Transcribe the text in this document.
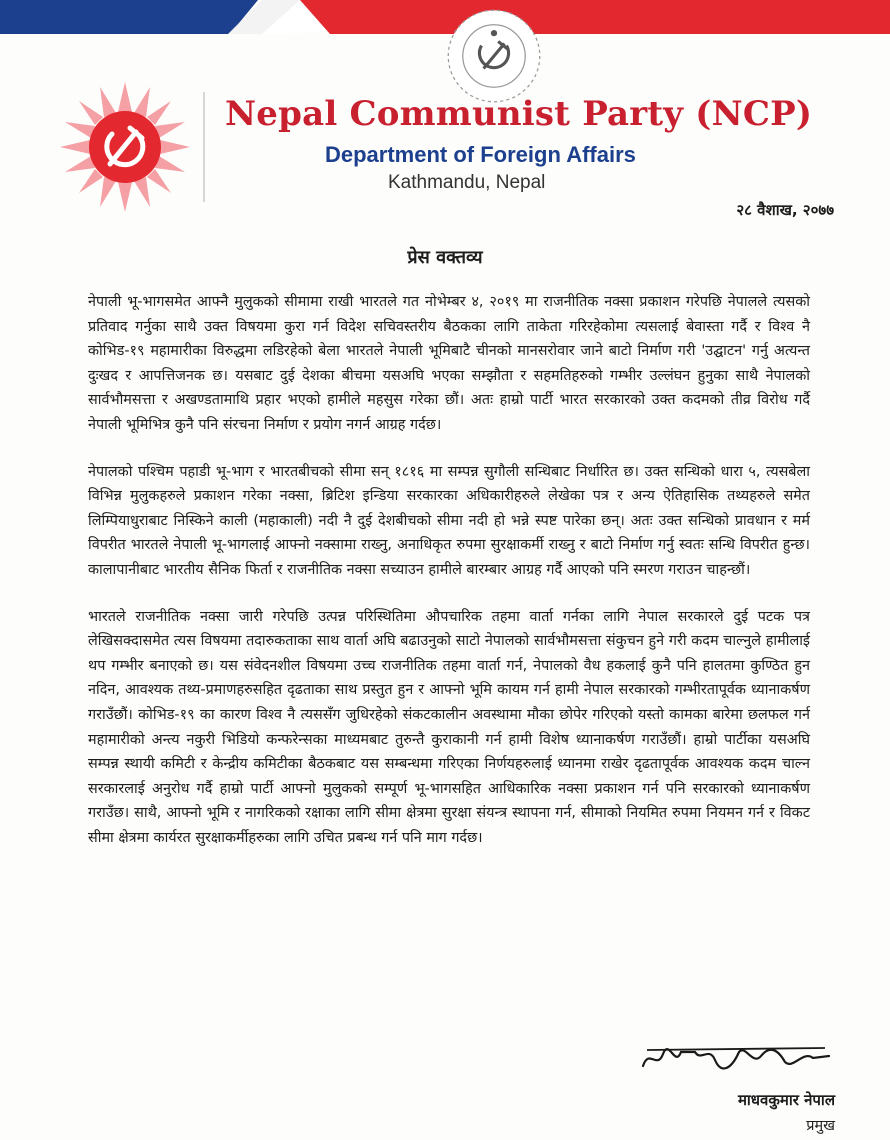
Nepal Communist Party (NCP)
Department of Foreign Affairs
Kathmandu, Nepal
२८ वैशाख, २०७७
प्रेस वक्तव्य

नेपाली भू-भागसमेत आफ्नै मुलुकको सीमामा राखी भारतले गत नोभेम्बर ४, २०१९ मा राजनीतिक नक्सा प्रकाशन गरेपछि नेपालले त्यसको प्रतिवाद गर्नुका साथै उक्त विषयमा कुरा गर्न विदेश सचिवस्तरीय बैठकका लागि ताकेता गरिरहेकोमा त्यसलाई बेवास्ता गर्दै र विश्व नै कोभिड-१९ महामारीका विरुद्धमा लडिरहेको बेला भारतले नेपाली भूमिबाटै चीनको मानसरोवार जाने बाटो निर्माण गरी 'उद्घाटन' गर्नु अत्यन्त दुःखद र आपत्तिजनक छ। यसबाट दुई देशका बीचमा यसअघि भएका सम्झौता र सहमतिहरुको गम्भीर उल्लंघन हुनुका साथै नेपालको सार्वभौमसत्ता र अखण्डतामाथि प्रहार भएको हामीले महसुस गरेका छौं। अतः हाम्रो पार्टी भारत सरकारको उक्त कदमको तीव्र विरोध गर्दै नेपाली भूमिभित्र कुनै पनि संरचना निर्माण र प्रयोग नगर्न आग्रह गर्दछ।

नेपालको पश्चिम पहाडी भू-भाग र भारतबीचको सीमा सन् १८१६ मा सम्पन्न सुगौली सन्धिबाट निर्धारित छ। उक्त सन्धिको धारा ५, त्यसबेला विभिन्न मुलुकहरुले प्रकाशन गरेका नक्सा, ब्रिटिश इन्डिया सरकारका अधिकारीहरुले लेखेका पत्र र अन्य ऐतिहासिक तथ्यहरुले समेत लिम्पियाधुराबाट निस्किने काली (महाकाली) नदी नै दुई देशबीचको सीमा नदी हो भन्ने स्पष्ट पारेका छन्। अतः उक्त सन्धिको प्रावधान र मर्म विपरीत भारतले नेपाली भू-भागलाई आफ्नो नक्सामा राख्नु, अनाधिकृत रुपमा सुरक्षाकर्मी राख्नु र बाटो निर्माण गर्नु स्वतः सन्धि विपरीत हुन्छ। कालापानीबाट भारतीय सैनिक फिर्ता र राजनीतिक नक्सा सच्याउन हामीले बारम्बार आग्रह गर्दै आएको पनि स्मरण गराउन चाहन्छौं।

भारतले राजनीतिक नक्सा जारी गरेपछि उत्पन्न परिस्थितिमा औपचारिक तहमा वार्ता गर्नका लागि नेपाल सरकारले दुई पटक पत्र लेखिसक्दासमेत त्यस विषयमा तदारुकताका साथ वार्ता अघि बढाउनुको साटो नेपालको सार्वभौमसत्ता संकुचन हुने गरी कदम चाल्नुले हामीलाई थप गम्भीर बनाएको छ। यस संवेदनशील विषयमा उच्च राजनीतिक तहमा वार्ता गर्न, नेपालको वैध हकलाई कुनै पनि हालतमा कुण्ठित हुन नदिन, आवश्यक तथ्य-प्रमाणहरुसहित दृढताका साथ प्रस्तुत हुन र आफ्नो भूमि कायम गर्न हामी नेपाल सरकारको गम्भीरतापूर्वक ध्यानाकर्षण गराउँछौं। कोभिड-१९ का कारण विश्व नै त्यससँग जुधिरहेको संकटकालीन अवस्थामा मौका छोपेर गरिएको यस्तो कामका बारेमा छलफल गर्न महामारीको अन्त्य नकुरी भिडियो कन्फरेन्सका माध्यमबाट तुरुन्तै कुराकानी गर्न हामी विशेष ध्यानाकर्षण गराउँछौं। हाम्रो पार्टीका यसअघि सम्पन्न स्थायी कमिटी र केन्द्रीय कमिटीका बैठकबाट यस सम्बन्धमा गरिएका निर्णयहरुलाई ध्यानमा राखेर दृढतापूर्वक आवश्यक कदम चाल्न सरकारलाई अनुरोध गर्दै हाम्रो पार्टी आफ्नो मुलुकको सम्पूर्ण भू-भागसहित आधिकारिक नक्सा प्रकाशन गर्न पनि सरकारको ध्यानाकर्षण गराउँछ। साथै, आफ्नो भूमि र नागरिकको रक्षाका लागि सीमा क्षेत्रमा सुरक्षा संयन्त्र स्थापना गर्न, सीमाको नियमित रुपमा नियमन गर्न र विकट सीमा क्षेत्रमा कार्यरत सुरक्षाकर्मीहरुका लागि उचित प्रबन्ध गर्न पनि माग गर्दछ।

माधवकुमार नेपाल
प्रमुख
